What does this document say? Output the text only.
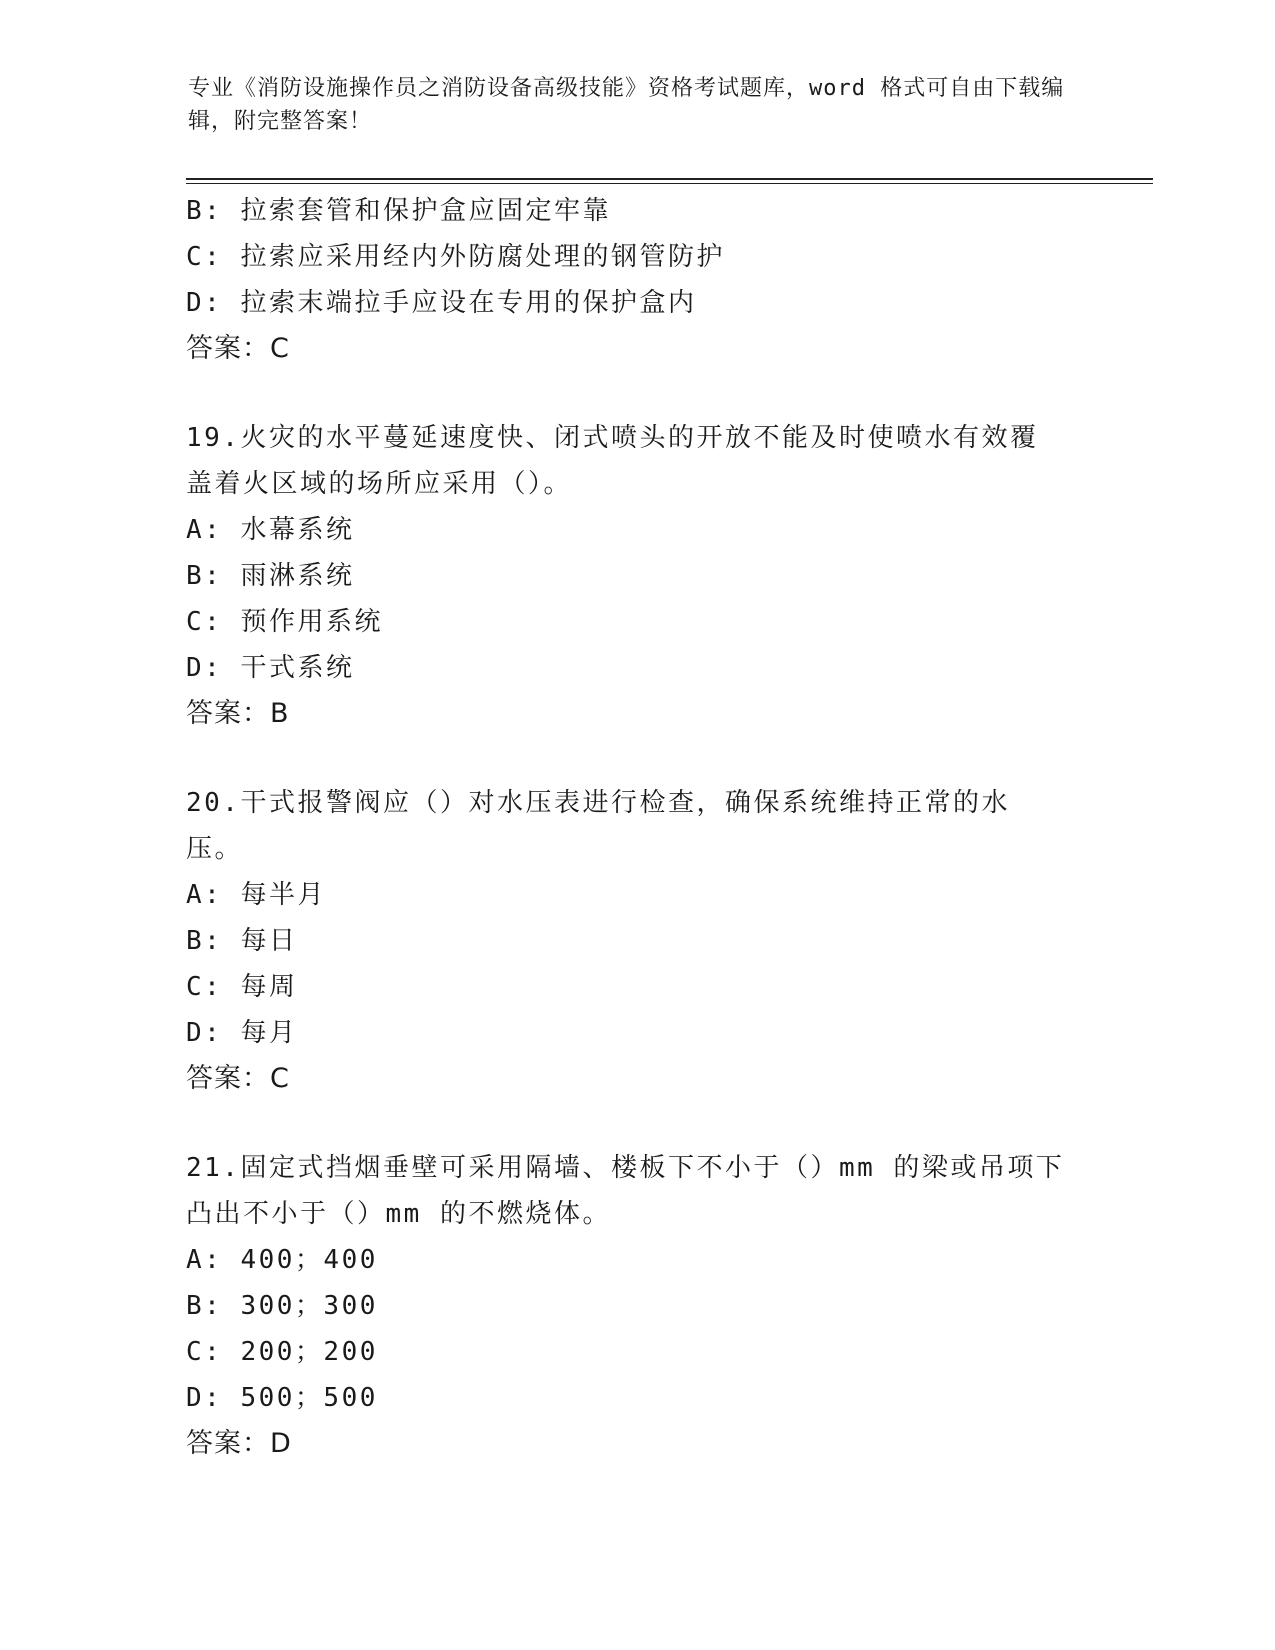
专业《消防设施操作员之消防设备高级技能》资格考试题库，word 格式可自由下载编辑，附完整答案！
B: 拉索套管和保护盒应固定牢靠
C: 拉索应采用经内外防腐处理的钢管防护
D: 拉索末端拉手应设在专用的保护盒内
答案：C
19.火灾的水平蔓延速度快、闭式喷头的开放不能及时使喷水有效覆盖着火区域的场所应采用（）。
A: 水幕系统
B: 雨淋系统
C: 预作用系统
D: 干式系统
答案：B
20.干式报警阀应（）对水压表进行检查，确保系统维持正常的水压。
A: 每半月
B: 每日
C: 每周
D: 每月
答案：C
21.固定式挡烟垂壁可采用隔墙、楼板下不小于（）mm 的梁或吊项下凸出不小于（）mm 的不燃烧体。
A: 400；400
B: 300；300
C: 200；200
D: 500；500
答案：D
